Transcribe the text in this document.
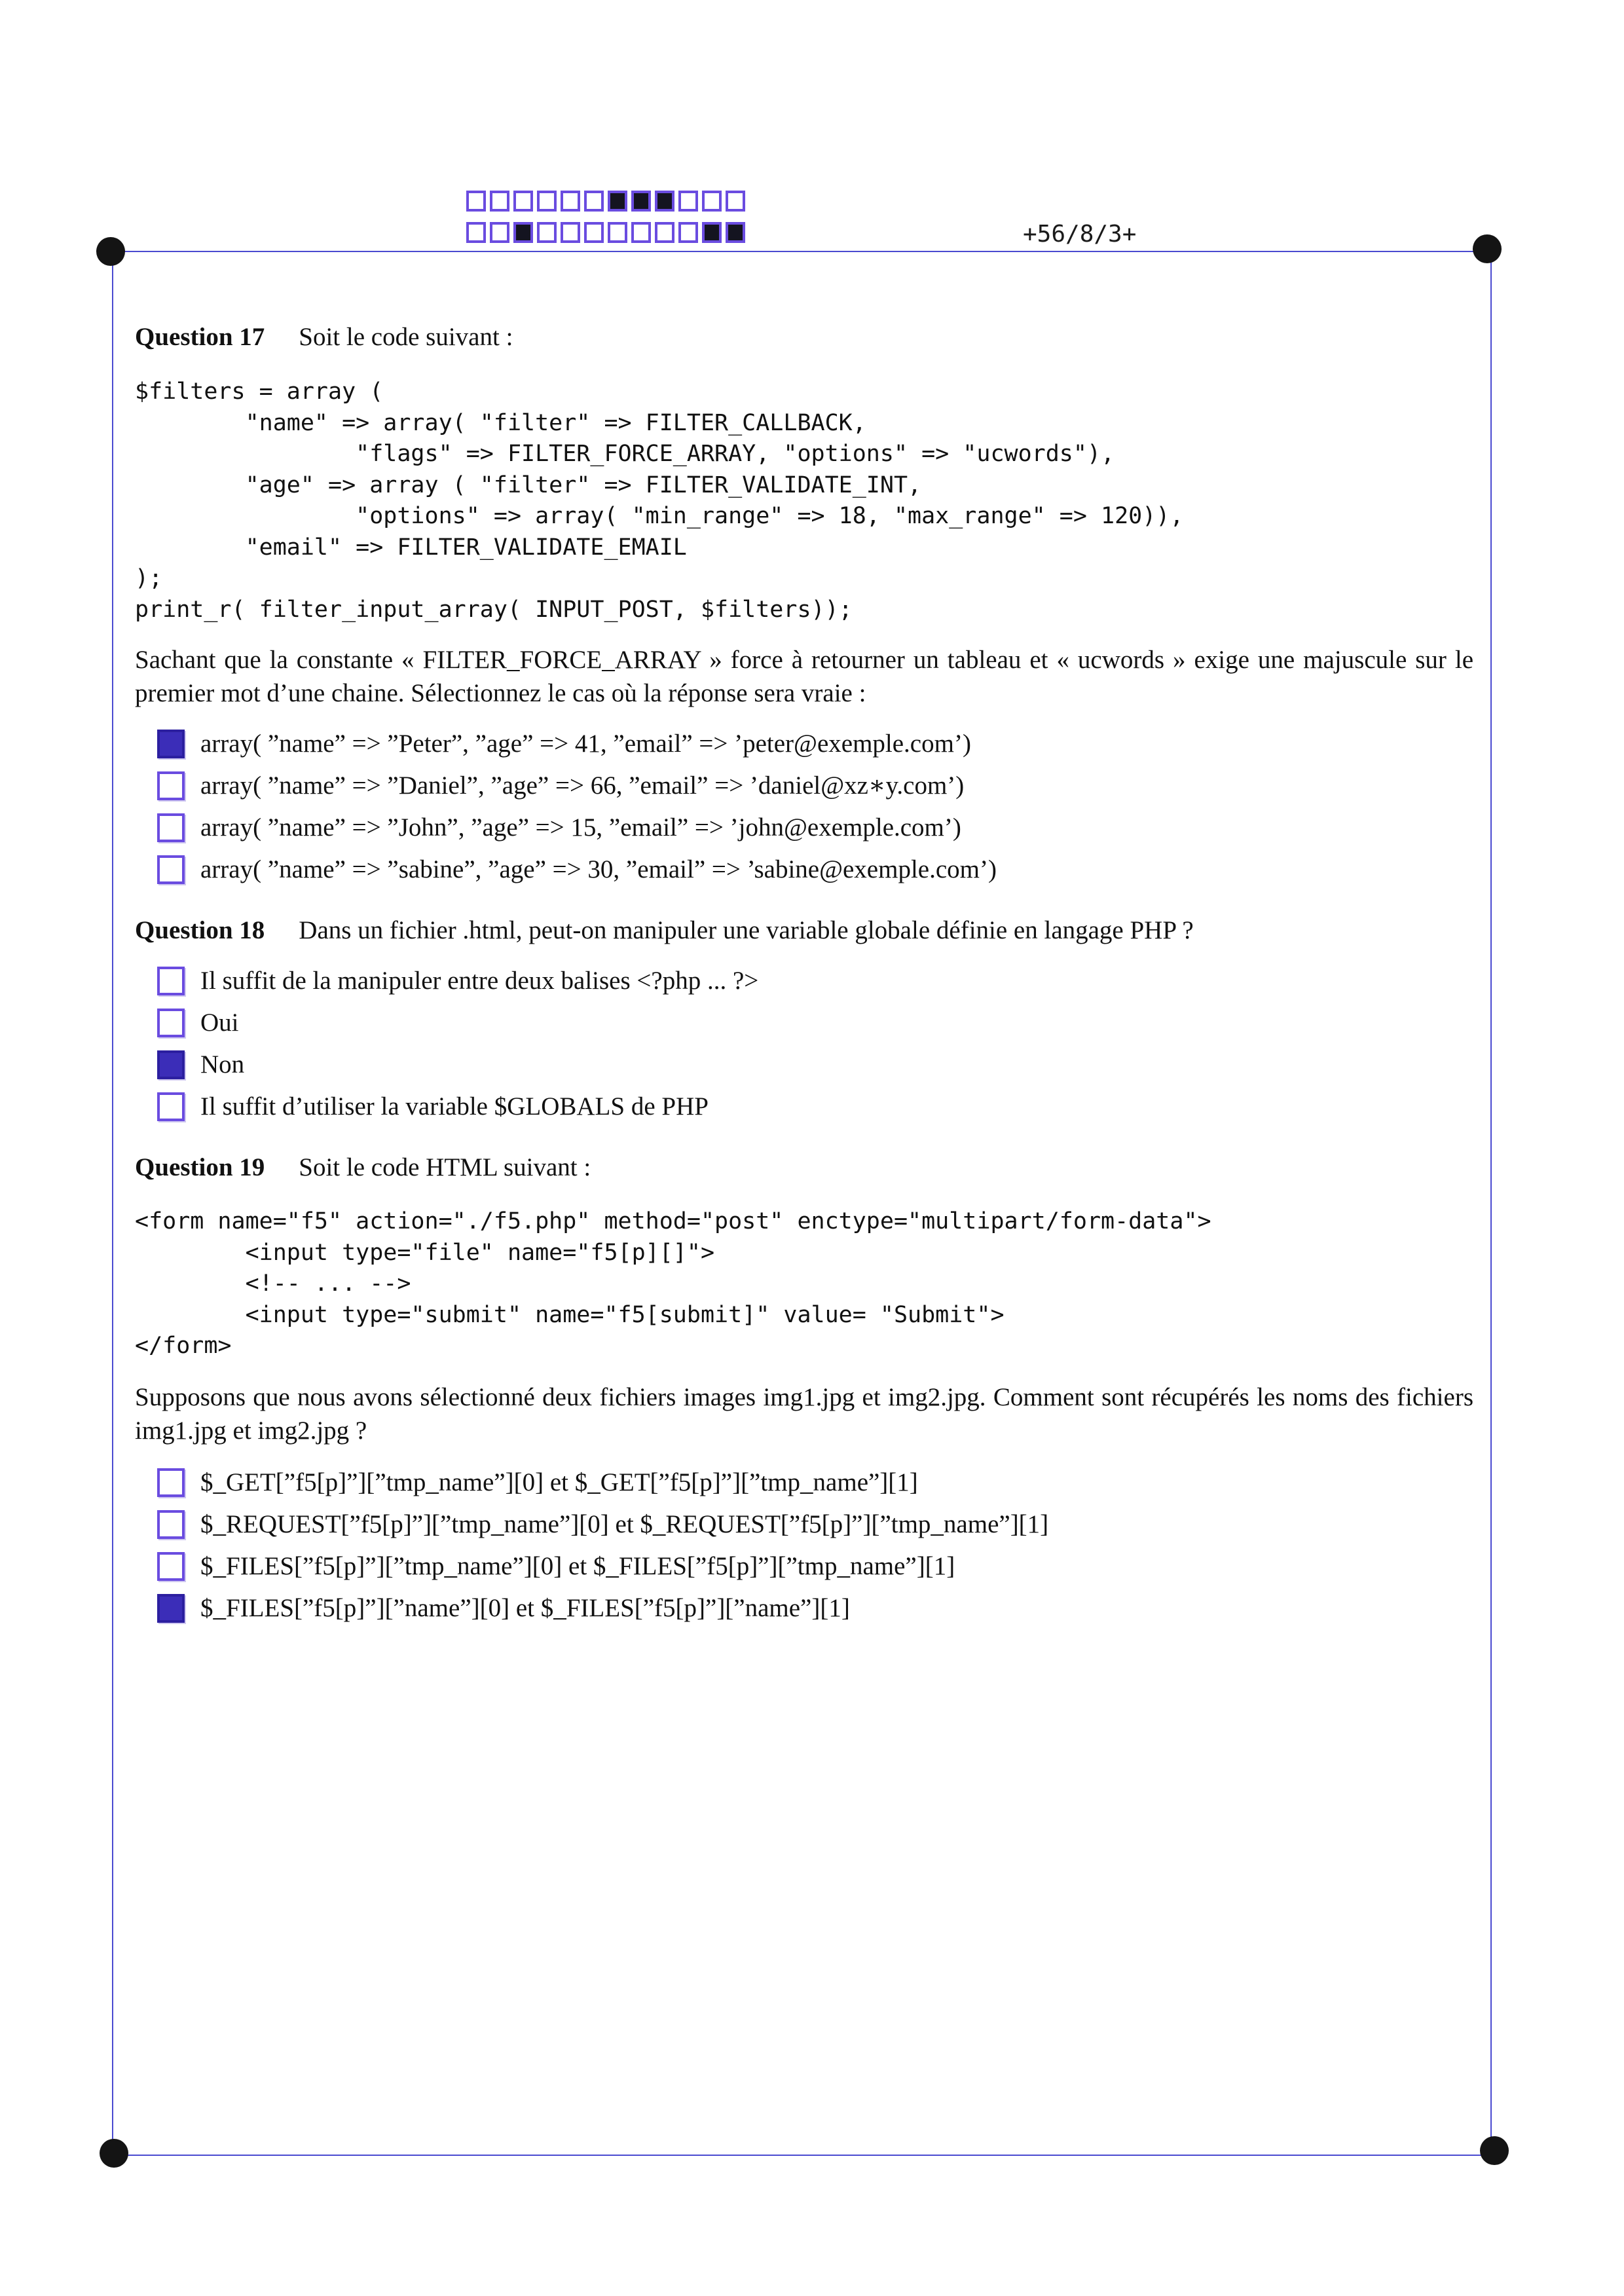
+56/8/3+
Question 17 Soit le code suivant :
$filters = array (
"name" => array( "filter" => FILTER_CALLBACK,
"flags" => FILTER_FORCE_ARRAY, "options" => "ucwords"),
"age" => array ( "filter" => FILTER_VALIDATE_INT,
"options" => array( "min_range" => 18, "max_range" => 120)),
"email" => FILTER_VALIDATE_EMAIL
);
print_r( filter_input_array( INPUT_POST, $filters));
Sachant que la constante « FILTER_FORCE_ARRAY » force à retourner un tableau et « ucwords » exige une majuscule sur le premier mot d’une chaine. Sélectionnez le cas où la réponse sera vraie :
array( ”name” => ”Peter”, ”age” => 41, ”email” => ’peter@exemple.com’)
array( ”name” => ”Daniel”, ”age” => 66, ”email” => ’daniel@xz∗y.com’)
array( ”name” => ”John”, ”age” => 15, ”email” => ’john@exemple.com’)
array( ”name” => ”sabine”, ”age” => 30, ”email” => ’sabine@exemple.com’)
Question 18 Dans un fichier .html, peut-on manipuler une variable globale définie en langage PHP ?
Il suffit de la manipuler entre deux balises <?php ... ?>
Oui
Non
Il suffit d’utiliser la variable $GLOBALS de PHP
Question 19 Soit le code HTML suivant :
<form name="f5" action="./f5.php" method="post" enctype="multipart/form-data">
<input type="file" name="f5[p][]">
<!-- ... -->
<input type="submit" name="f5[submit]" value= "Submit">
</form>
Supposons que nous avons sélectionné deux fichiers images img1.jpg et img2.jpg. Comment sont récupérés les noms des fichiers img1.jpg et img2.jpg ?
$_GET[”f5[p]”][”tmp_name”][0] et $_GET[”f5[p]”][”tmp_name”][1]
$_REQUEST[”f5[p]”][”tmp_name”][0] et $_REQUEST[”f5[p]”][”tmp_name”][1]
$_FILES[”f5[p]”][”tmp_name”][0] et $_FILES[”f5[p]”][”tmp_name”][1]
$_FILES[”f5[p]”][”name”][0] et $_FILES[”f5[p]”][”name”][1]
